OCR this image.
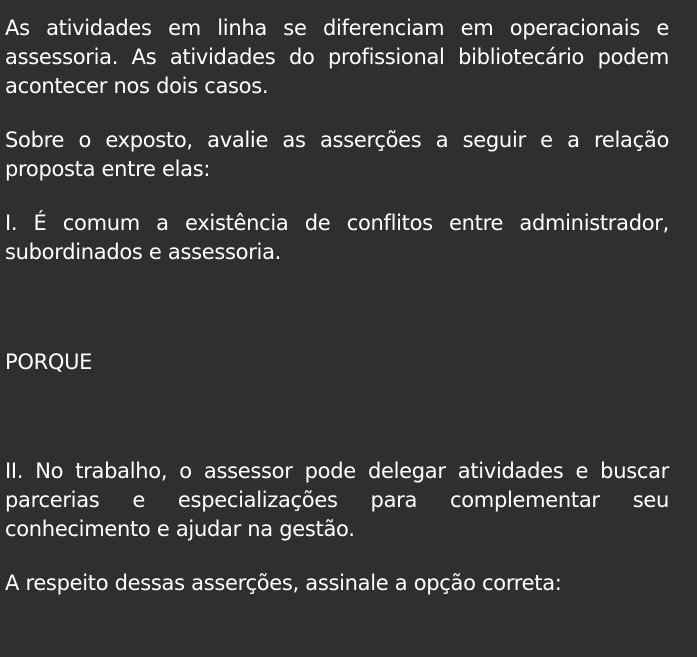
As atividades em linha se diferenciam em operacionais e assessoria. As atividades do profissional bibliotecário podem acontecer nos dois casos.

Sobre o exposto, avalie as asserções a seguir e a relação proposta entre elas:

I. É comum a existência de conflitos entre administrador, subordinados e assessoria.

PORQUE

II. No trabalho, o assessor pode delegar atividades e buscar parcerias e especializações para complementar seu conhecimento e ajudar na gestão.

A respeito dessas asserções, assinale a opção correta:
